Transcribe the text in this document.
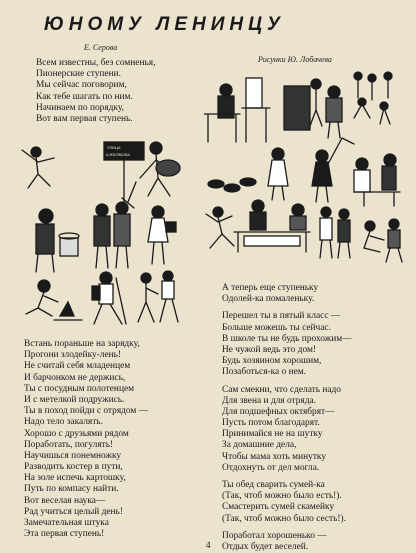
ЮНОМУ ЛЕНИНЦУ
Е. Серова
Рисунки Ю. Лобачева
Всем известны, без сомненья,
Пионерские ступени.
Мы сейчас поговорим,
Как тебе шагать по ним.
Начинаем по порядку,
Вот вам первая ступень.
Встань пораньше на зарядку,
Прогони злодейку-лень!
Не считай себя младенцем
И барчонком не держись,
Ты с посудным полотенцем
И с метелкой подружись.
Ты в поход пойди с отрядом —
Надо тело закалять.
Хорошо с друзьями рядом
Поработать, погулять!
Научишься понемножку
Разводить костер в пути,
На золе испечь картошку,
Путь по компасу найти.
Вот веселая наука—
Рад учиться целый день!
Замечательная штука
Эта первая ступень!
А теперь еще ступеньку
Одолей-ка помаленьку.
Перешел ты в пятый класс —
Больше можешь ты сейчас.
В школе ты не будь прохожим—
Не чужой ведь это дом!
Будь хозяином хорошим,
Позаботься-ка о нем.
Сам смекни, что сделать надо
Для звена и для отряда.
Для подшефных октябрят—
Пусть потом благодарят.
Принимайся не на шутку
За домашние дела,
Чтобы мама хоть минутку
Отдохнуть от дел могла.
Ты обед сварить сумей-ка
(Так, чтоб можно было есть!).
Смастерить сумей скамейку
(Так, чтоб можно было сесть!).
Поработал хорошенько —
Отдых будет веселей.
УЛИЦА
А.ЖЕЛЯБОВА
4
